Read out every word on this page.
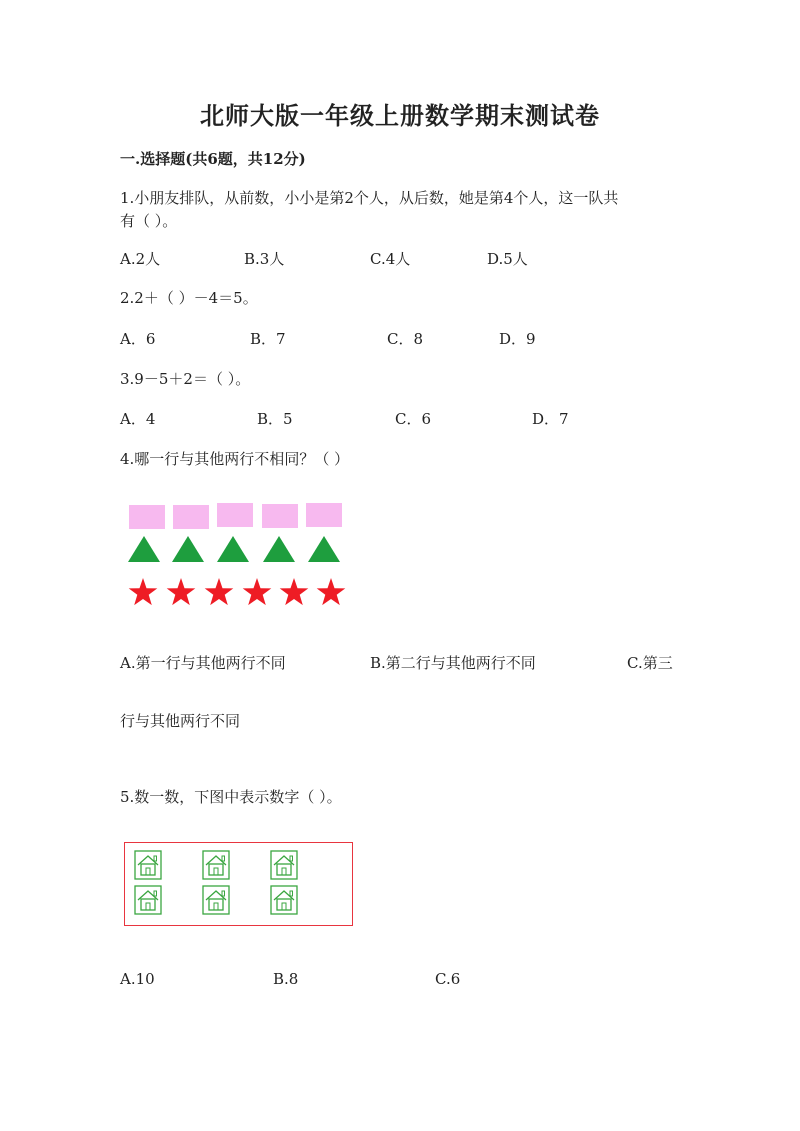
北师大版一年级上册数学期末测试卷
一.选择题(共6题，共12分)
1.小朋友排队，从前数，小小是第2个人，从后数，她是第4个人，这一队共
有（ ）。
A.2人	B.3人	C.4人	D.5人
2.2＋（ ）－4＝5。
A．6	B．7	C．8	D．9
3.9－5＋2＝（ ）。
A．4	B．5	C．6	D．7
4.哪一行与其他两行不相同？（ ）
A.第一行与其他两行不同	B.第二行与其他两行不同	C.第三
行与其他两行不同
5.数一数，下图中表示数字（ ）。
A.10	B.8	C.6
